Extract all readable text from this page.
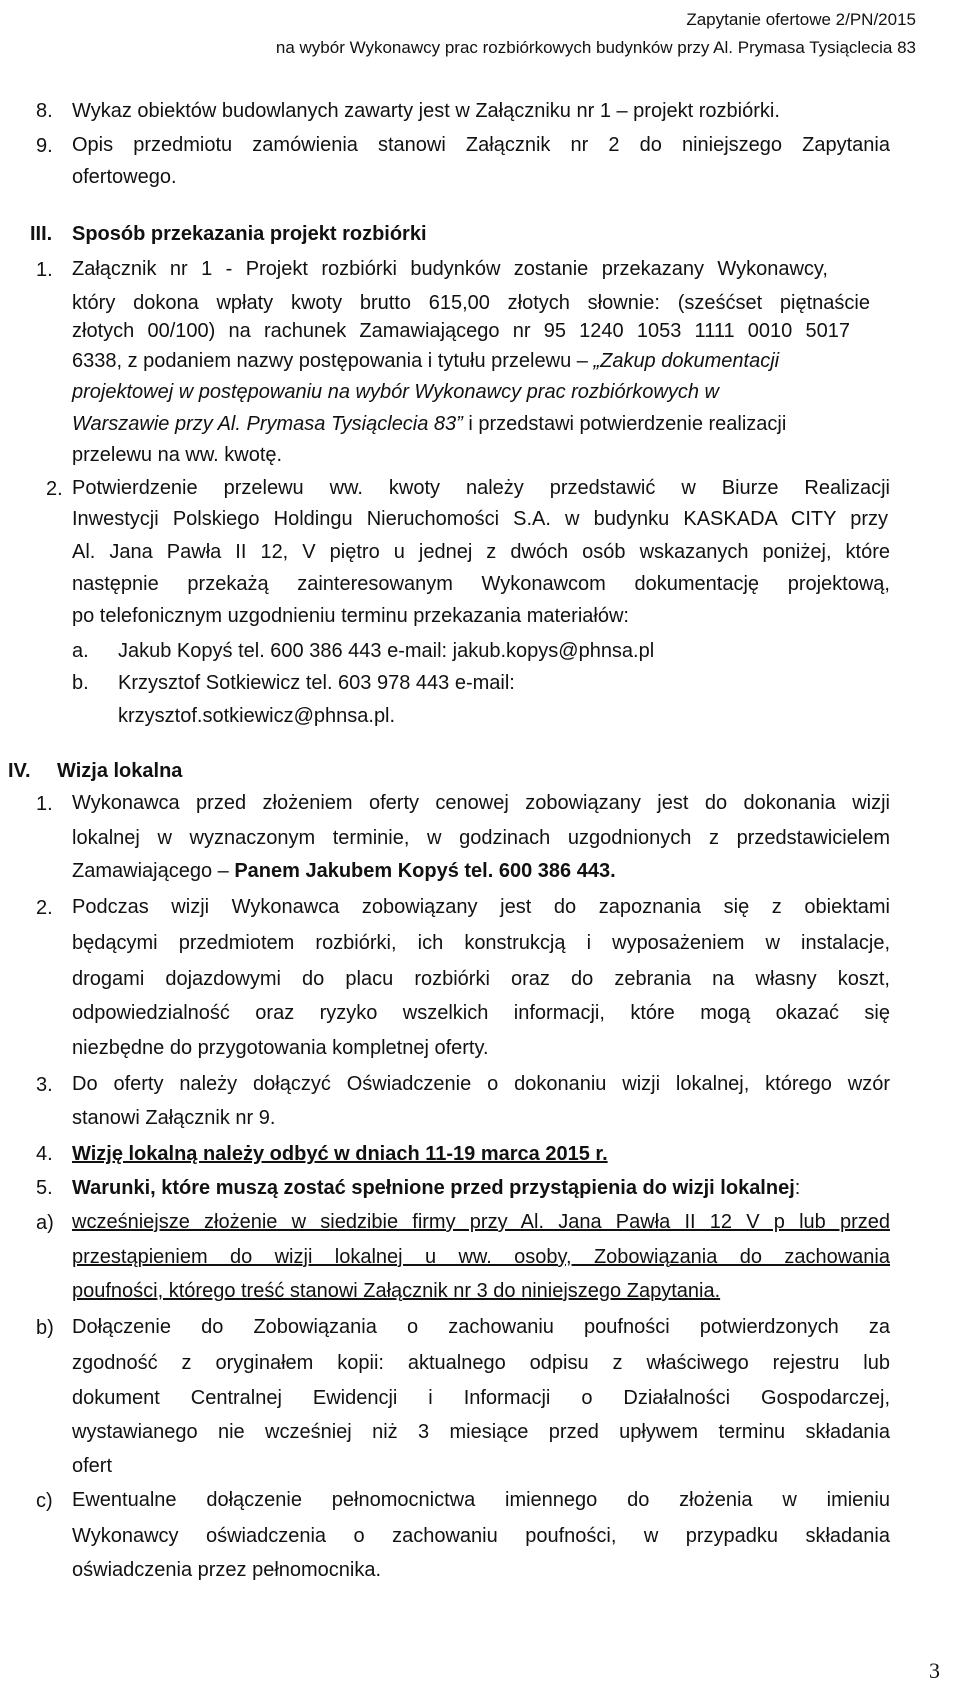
Zapytanie ofertowe 2/PN/2015
na wybór Wykonawcy prac rozbiórkowych budynków przy Al. Prymasa Tysiąclecia 83
8. Wykaz obiektów budowlanych zawarty jest w Załączniku nr 1 – projekt rozbiórki.
9. Opis przedmiotu zamówienia stanowi Załącznik nr 2 do niniejszego Zapytania
ofertowego.
III. Sposób przekazania projekt rozbiórki
1. Załącznik nr 1 - Projekt rozbiórki budynków zostanie przekazany Wykonawcy,
który dokona wpłaty kwoty brutto 615,00 złotych słownie: (sześćset piętnaście
złotych 00/100) na rachunek Zamawiającego nr 95 1240 1053 1111 0010 5017
6338, z podaniem nazwy postępowania i tytułu przelewu – „Zakup dokumentacji
projektowej w postępowaniu na wybór Wykonawcy prac rozbiórkowych w
Warszawie przy Al. Prymasa Tysiąclecia 83” i przedstawi potwierdzenie realizacji
przelewu na ww. kwotę.
2. Potwierdzenie przelewu ww. kwoty należy przedstawić w Biurze Realizacji
Inwestycji Polskiego Holdingu Nieruchomości S.A. w budynku KASKADA CITY przy
Al. Jana Pawła II 12, V piętro u jednej z dwóch osób wskazanych poniżej, które
następnie przekażą zainteresowanym Wykonawcom dokumentację projektową,
po telefonicznym uzgodnieniu terminu przekazania materiałów:
a. Jakub Kopyś tel. 600 386 443 e-mail: jakub.kopys@phnsa.pl
b. Krzysztof Sotkiewicz tel. 603 978 443 e-mail:
krzysztof.sotkiewicz@phnsa.pl.
IV. Wizja lokalna
1. Wykonawca przed złożeniem oferty cenowej zobowiązany jest do dokonania wizji
lokalnej w wyznaczonym terminie, w godzinach uzgodnionych z przedstawicielem
Zamawiającego – Panem Jakubem Kopyś tel. 600 386 443.
2. Podczas wizji Wykonawca zobowiązany jest do zapoznania się z obiektami
będącymi przedmiotem rozbiórki, ich konstrukcją i wyposażeniem w instalacje,
drogami dojazdowymi do placu rozbiórki oraz do zebrania na własny koszt,
odpowiedzialność oraz ryzyko wszelkich informacji, które mogą okazać się
niezbędne do przygotowania kompletnej oferty.
3. Do oferty należy dołączyć Oświadczenie o dokonaniu wizji lokalnej, którego wzór
stanowi Załącznik nr 9.
4. Wizję lokalną należy odbyć w dniach 11-19 marca 2015 r.
5. Warunki, które muszą zostać spełnione przed przystąpienia do wizji lokalnej:
a) wcześniejsze złożenie w siedzibie firmy przy Al. Jana Pawła II 12 V p lub przed
przestąpieniem do wizji lokalnej u ww. osoby, Zobowiązania do zachowania
poufności, którego treść stanowi Załącznik nr 3 do niniejszego Zapytania.
b) Dołączenie do Zobowiązania o zachowaniu poufności potwierdzonych za
zgodność z oryginałem kopii: aktualnego odpisu z właściwego rejestru lub
dokument Centralnej Ewidencji i Informacji o Działalności Gospodarczej,
wystawianego nie wcześniej niż 3 miesiące przed upływem terminu składania
ofert
c) Ewentualne dołączenie pełnomocnictwa imiennego do złożenia w imieniu
Wykonawcy oświadczenia o zachowaniu poufności, w przypadku składania
oświadczenia przez pełnomocnika.
3
